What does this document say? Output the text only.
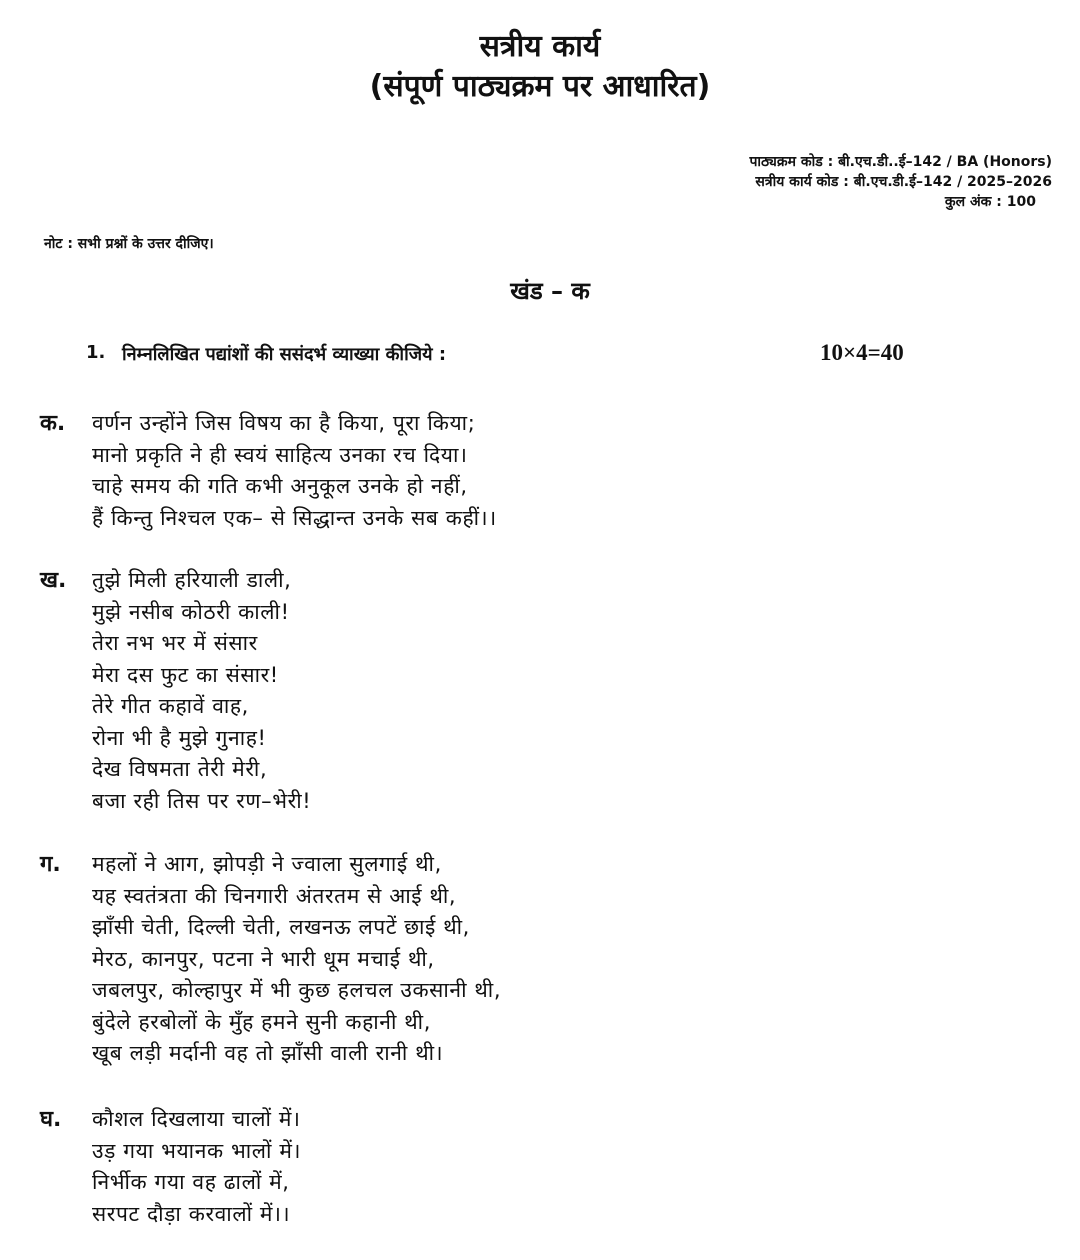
सत्रीय कार्य
(संपूर्ण पाठ्यक्रम पर आधारित)
पाठ्यक्रम कोड : बी.एच.डी..ई–142 / BA (Honors)
सत्रीय कार्य कोड : बी.एच.डी.ई–142 / 2025–2026
कुल अंक : 100
नोट : सभी प्रश्नों के उत्तर दीजिए।
खंड – क
1. निम्नलिखित पद्यांशों की ससंदर्भ व्याख्या कीजिये :	10×4=40
क. वर्णन उन्होंने जिस विषय का है किया, पूरा किया;
मानो प्रकृति ने ही स्वयं साहित्य उनका रच दिया।
चाहे समय की गति कभी अनुकूल उनके हो नहीं,
हैं किन्तु निश्चल एक– से सिद्धान्त उनके सब कहीं।।
ख. तुझे मिली हरियाली डाली,
मुझे नसीब कोठरी काली!
तेरा नभ भर में संसार
मेरा दस फुट का संसार!
तेरे गीत कहावें वाह,
रोना भी है मुझे गुनाह!
देख विषमता तेरी मेरी,
बजा रही तिस पर रण–भेरी!
ग. महलों ने आग, झोपड़ी ने ज्वाला सुलगाई थी,
यह स्वतंत्रता की चिनगारी अंतरतम से आई थी,
झाँसी चेती, दिल्ली चेती, लखनऊ लपटें छाई थी,
मेरठ, कानपुर, पटना ने भारी धूम मचाई थी,
जबलपुर, कोल्हापुर में भी कुछ हलचल उकसानी थी,
बुंदेले हरबोलों के मुँह हमने सुनी कहानी थी,
खूब लड़ी मर्दानी वह तो झाँसी वाली रानी थी।
घ. कौशल दिखलाया चालों में।
उड़ गया भयानक भालों में।
निर्भीक गया वह ढालों में,
सरपट दौड़ा करवालों में।।
